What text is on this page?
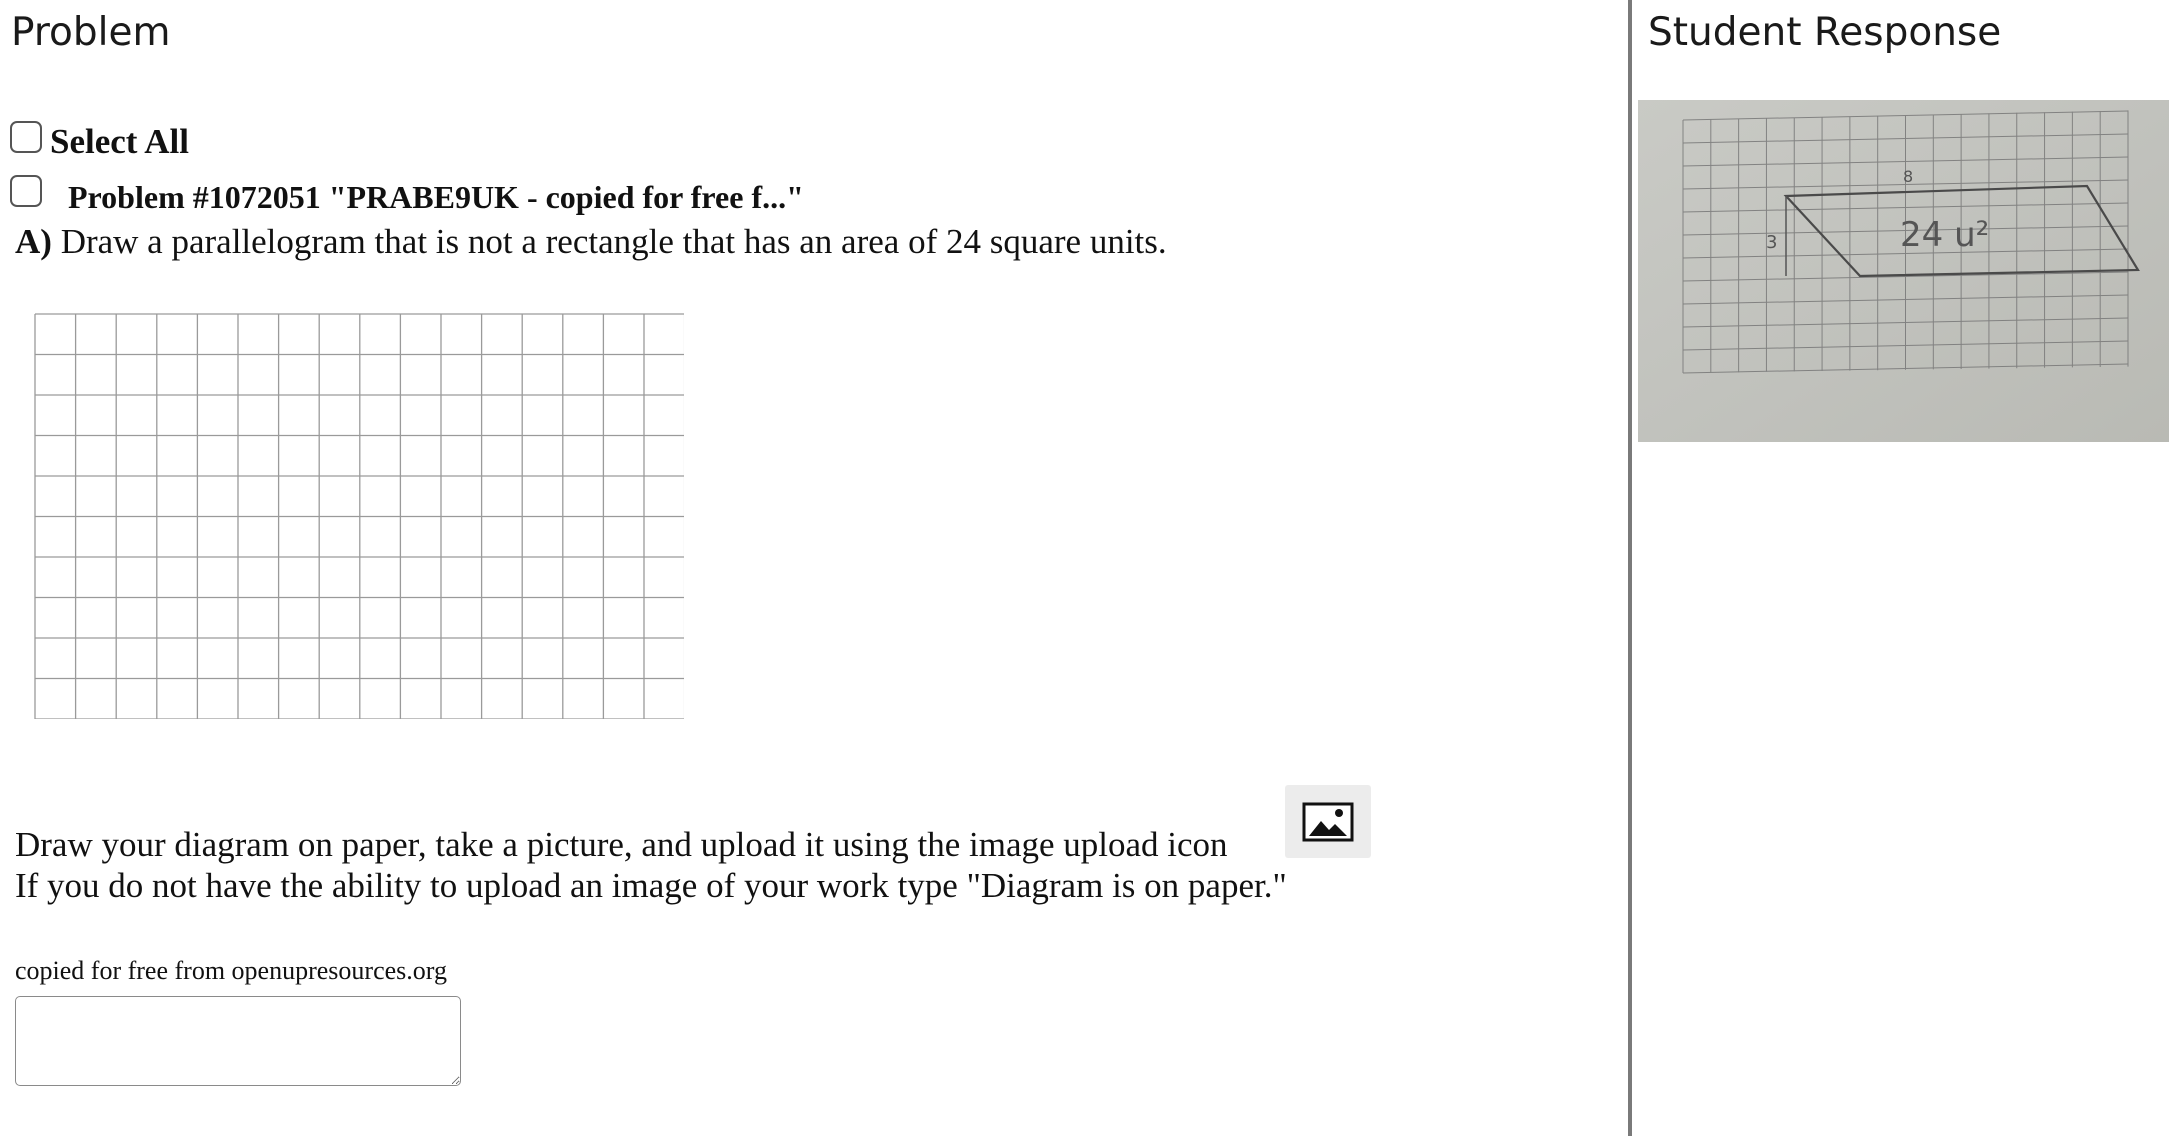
Problem
Select All
Problem #1072051 "PRABE9UK - copied for free f..."
A) Draw a parallelogram that is not a rectangle that has an area of 24 square units.
Draw your diagram on paper, take a picture, and upload it using the image upload icon
If you do not have the ability to upload an image of your work type "Diagram is on paper."
copied for free from openupresources.org
Student Response
24 u²
8
3
